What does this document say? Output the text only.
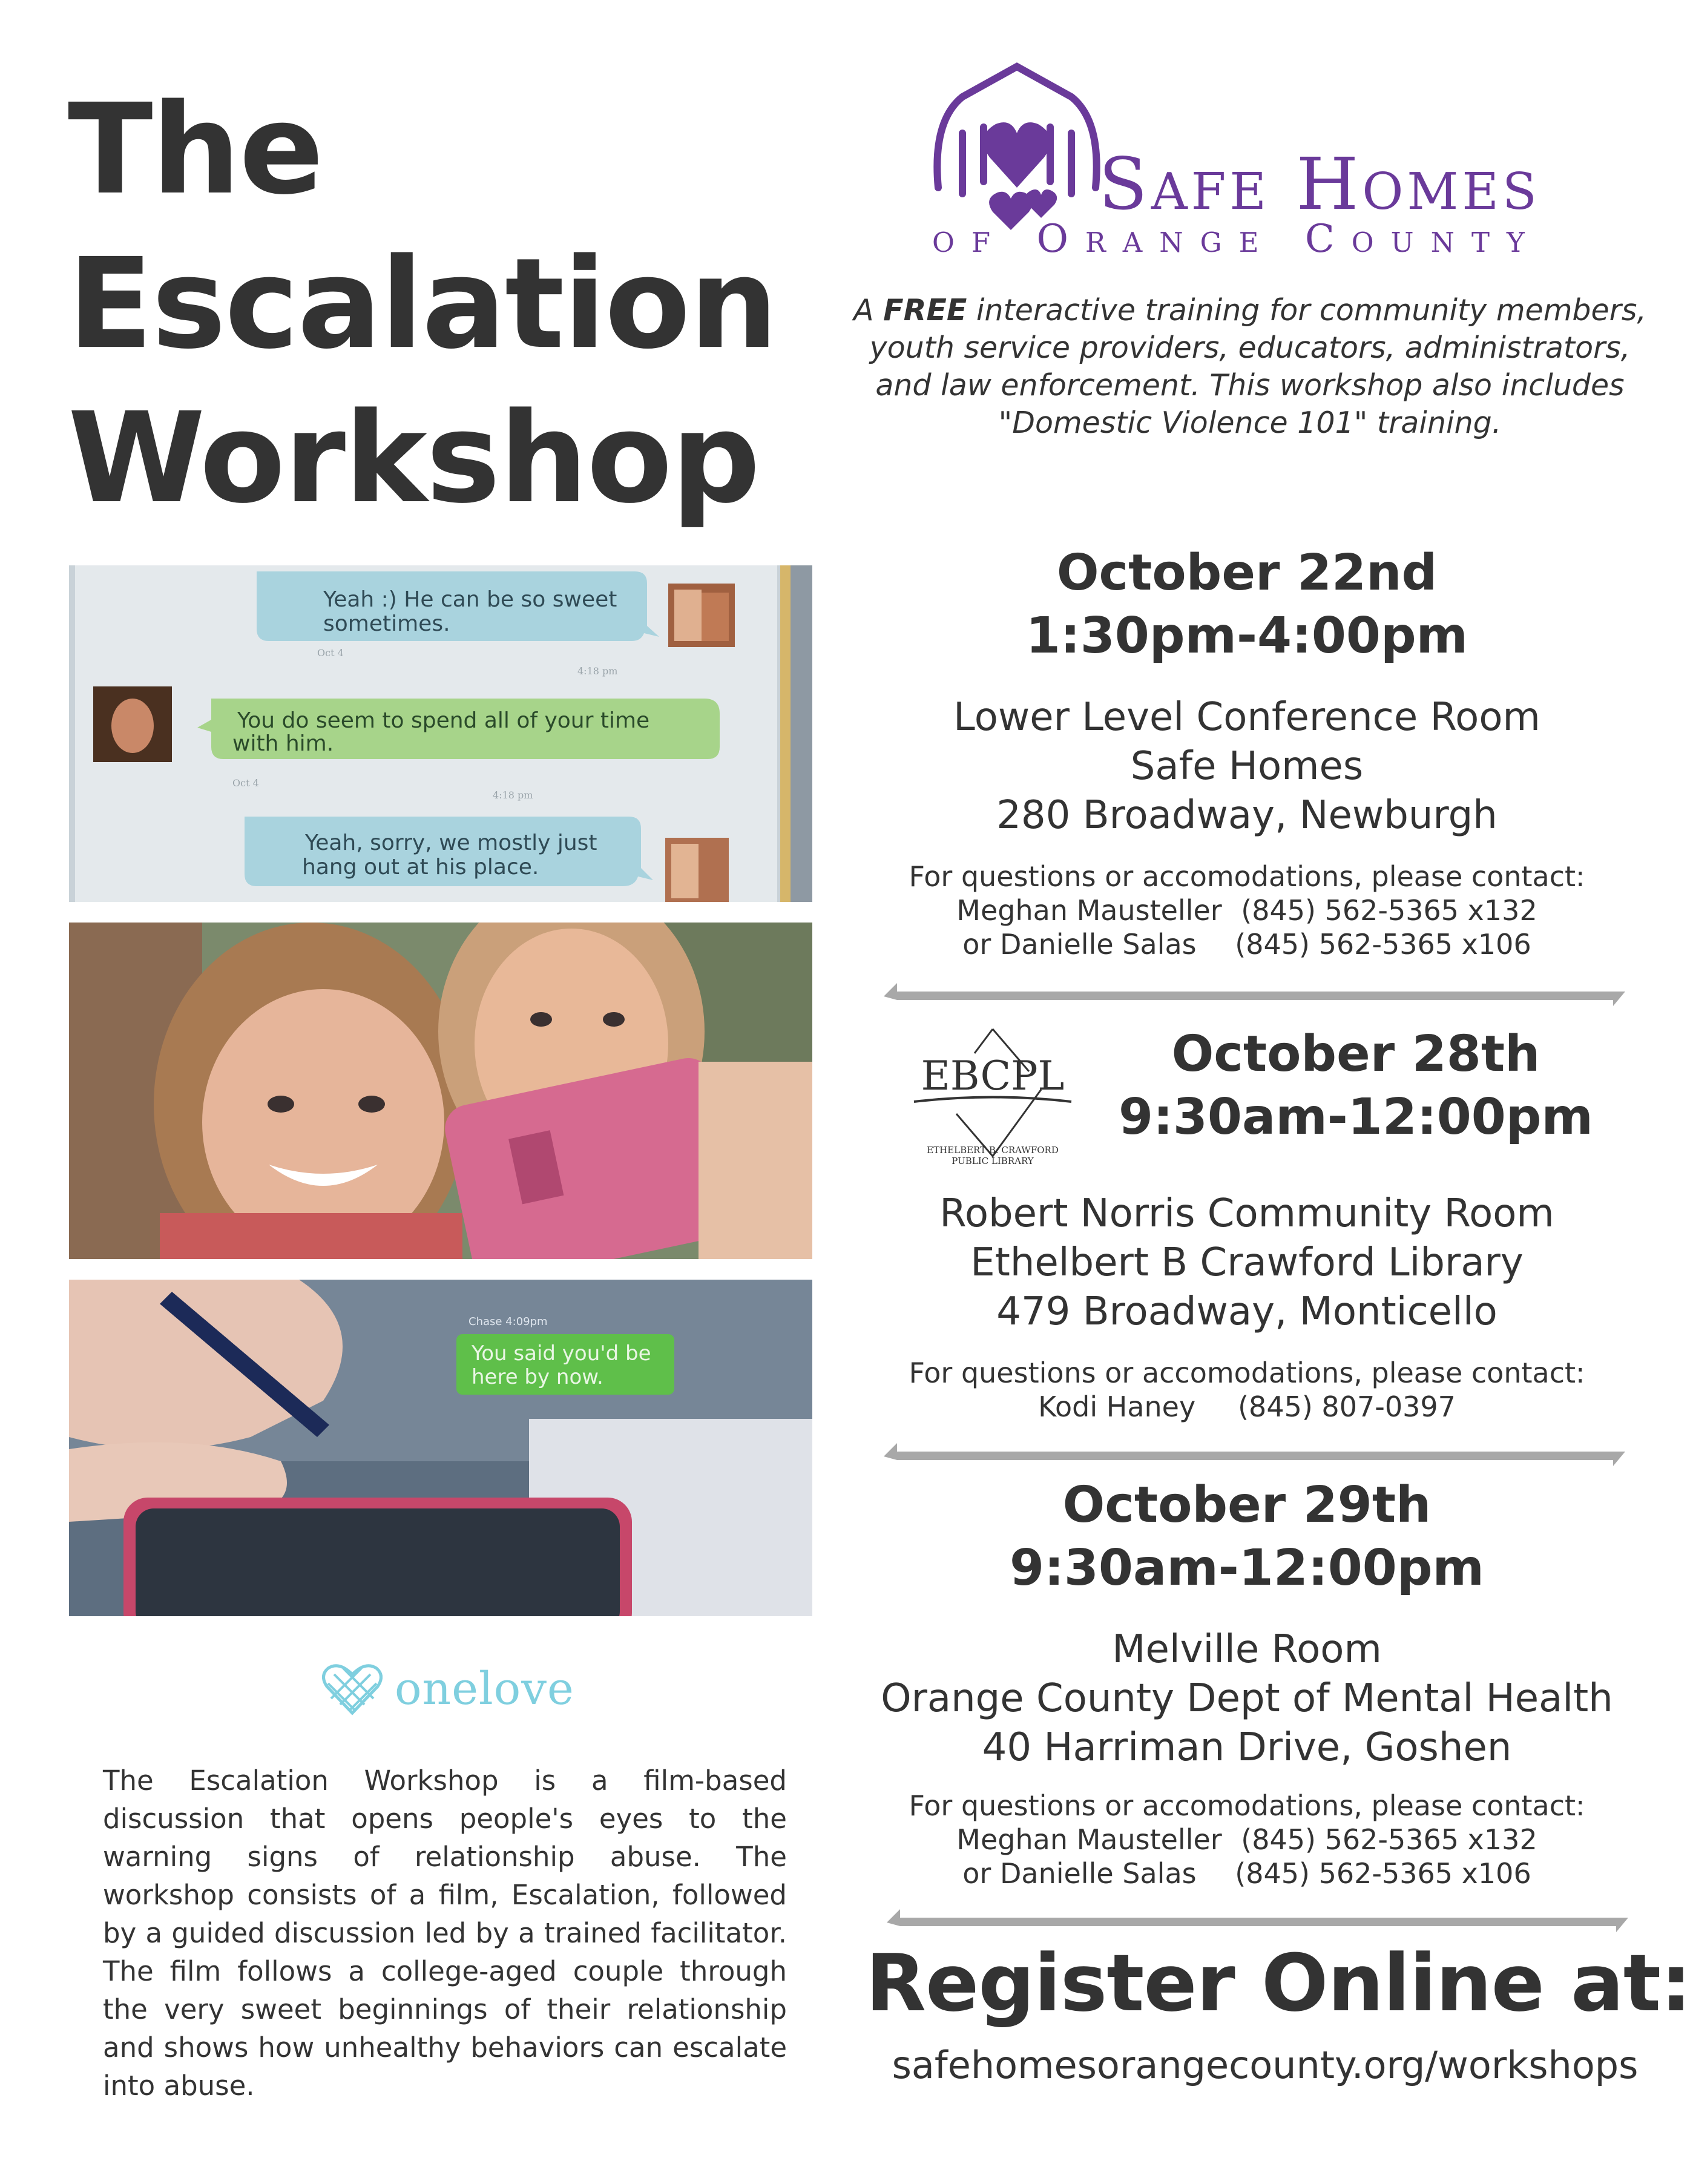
The
Escalation
Workshop
Yeah :) He can be so sweet
sometimes.
Oct 4
4:18 pm
You do seem to spend all of your time
with him.
Oct 4
4:18 pm
Yeah, sorry, we mostly just
hang out at his place.
Chase 4:09pm
You said you'd be
here by now.
onelove
The Escalation Workshop is a film-based discussion that opens people's eyes to the warning signs of relationship abuse. The workshop consists of a film, Escalation, followed by a guided discussion led by a trained facilitator. The film follows a college-aged couple through the very sweet beginnings of their relationship and shows how unhealthy behaviors can escalate into abuse.
Safe Homes
of Orange County
A FREE interactive training for community members, youth service providers, educators, administrators, and law enforcement. This workshop also includes "Domestic Violence 101" training.
October 22nd
1:30pm-4:00pm
Lower Level Conference Room
Safe Homes
280 Broadway, Newburgh
For questions or accomodations, please contact:
Meghan Mausteller (845) 562-5365 x132
or Danielle Salas (845) 562-5365 x106
EBCPL
ETHELBERT B. CRAWFORD
PUBLIC LIBRARY
October 28th
9:30am-12:00pm
Robert Norris Community Room
Ethelbert B Crawford Library
479 Broadway, Monticello
For questions or accomodations, please contact:
Kodi Haney (845) 807-0397
October 29th
9:30am-12:00pm
Melville Room
Orange County Dept of Mental Health
40 Harriman Drive, Goshen
For questions or accomodations, please contact:
Meghan Mausteller (845) 562-5365 x132
or Danielle Salas (845) 562-5365 x106
Register Online at:
safehomesorangecounty.org/workshops
